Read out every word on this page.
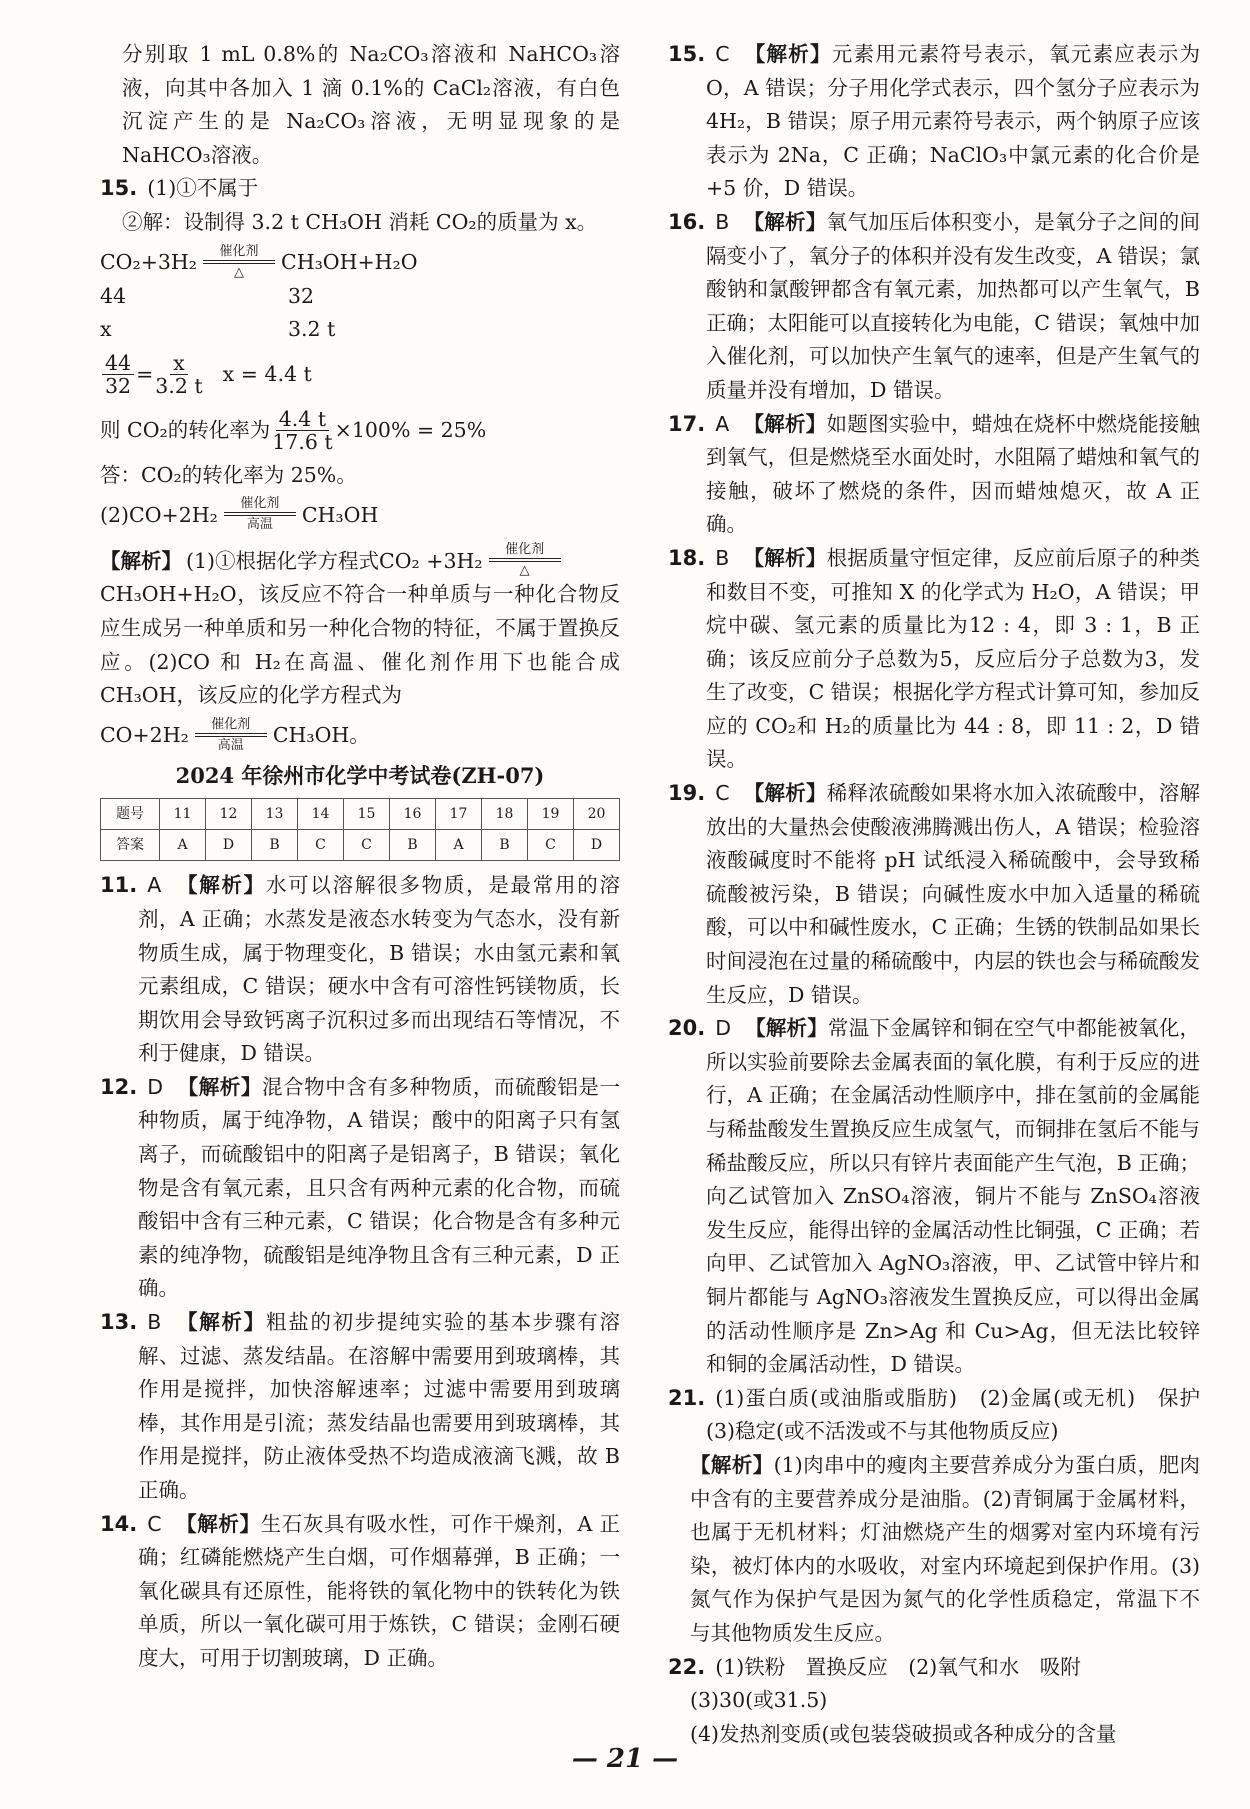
分别取 1 mL 0.8%的 Na₂CO₃溶液和 NaHCO₃溶液，向其中各加入 1 滴 0.1%的 CaCl₂溶液，有白色沉淀产生的是 Na₂CO₃溶液，无明显现象的是 NaHCO₃溶液。

15. (1)①不属于

②解：设制得 3.2 t CH₃OH 消耗 CO₂的质量为 x。

CO₂+3H₂ 催化剂
△ CH₃OH+H₂O
44	32
x	3.2 t
$\frac{44}{32} = \frac{x}{3.2 t}$ x = 4.4 t
则 CO₂的转化率为 $\frac{4.4 t}{17.6 t} \times 100\% = 25\%$

答：CO₂的转化率为 25%。

(2)CO+2H₂ 催化剂
高温 CH₃OH
【解析】 (1)①根据化学方程式CO₂ +3H₂ 催化剂
△

CH₃OH+H₂O，该反应不符合一种单质与一种化合物反应生成另一种单质和另一种化合物的特征，不属于置换反应。(2)CO 和 H₂在高温、催化剂作用下也能合成 CH₃OH，该反应的化学方程式为

CO+2H₂ 催化剂
高温 CH₃OH。
2024 年徐州市化学中考试卷(ZH-07)
题号	11	12	13	14	15	16	17	18	19	20
答案	A	D	B	C	C	B	A	B	C	D

11. A 【解析】水可以溶解很多物质，是最常用的溶剂，A 正确；水蒸发是液态水转变为气态水，没有新物质生成，属于物理变化，B 错误；水由氢元素和氧元素组成，C 错误；硬水中含有可溶性钙镁物质，长期饮用会导致钙离子沉积过多而出现结石等情况，不利于健康，D 错误。

12. D 【解析】混合物中含有多种物质，而硫酸铝是一种物质，属于纯净物，A 错误；酸中的阳离子只有氢离子，而硫酸铝中的阳离子是铝离子，B 错误；氧化物是含有氧元素，且只含有两种元素的化合物，而硫酸铝中含有三种元素，C 错误；化合物是含有多种元素的纯净物，硫酸铝是纯净物且含有三种元素，D 正确。

13. B 【解析】粗盐的初步提纯实验的基本步骤有溶解、过滤、蒸发结晶。在溶解中需要用到玻璃棒，其作用是搅拌，加快溶解速率；过滤中需要用到玻璃棒，其作用是引流；蒸发结晶也需要用到玻璃棒，其作用是搅拌，防止液体受热不均造成液滴飞溅，故 B 正确。

14. C 【解析】生石灰具有吸水性，可作干燥剂，A 正确；红磷能燃烧产生白烟，可作烟幕弹，B 正确；一氧化碳具有还原性，能将铁的氧化物中的铁转化为铁单质，所以一氧化碳可用于炼铁，C 错误；金刚石硬度大，可用于切割玻璃，D 正确。

15. C 【解析】元素用元素符号表示，氧元素应表示为 O，A 错误；分子用化学式表示，四个氢分子应表示为 4H₂，B 错误；原子用元素符号表示，两个钠原子应该表示为 2Na，C 正确；NaClO₃中氯元素的化合价是+5 价，D 错误。

16. B 【解析】氧气加压后体积变小，是氧分子之间的间隔变小了，氧分子的体积并没有发生改变，A 错误；氯酸钠和氯酸钾都含有氧元素，加热都可以产生氧气，B 正确；太阳能可以直接转化为电能，C 错误；氧烛中加入催化剂，可以加快产生氧气的速率，但是产生氧气的质量并没有增加，D 错误。

17. A 【解析】如题图实验中，蜡烛在烧杯中燃烧能接触到氧气，但是燃烧至水面处时，水阻隔了蜡烛和氧气的接触，破坏了燃烧的条件，因而蜡烛熄灭，故 A 正确。

18. B 【解析】根据质量守恒定律，反应前后原子的种类和数目不变，可推知 X 的化学式为 H₂O，A 错误；甲烷中碳、氢元素的质量比为12 : 4，即 3 : 1，B 正确；该反应前分子总数为5，反应后分子总数为3，发生了改变，C 错误；根据化学方程式计算可知，参加反应的 CO₂和 H₂的质量比为 44 : 8，即 11 : 2，D 错误。

19. C 【解析】稀释浓硫酸如果将水加入浓硫酸中，溶解放出的大量热会使酸液沸腾溅出伤人，A 错误；检验溶液酸碱度时不能将 pH 试纸浸入稀硫酸中，会导致稀硫酸被污染，B 错误；向碱性废水中加入适量的稀硫酸，可以中和碱性废水，C 正确；生锈的铁制品如果长时间浸泡在过量的稀硫酸中，内层的铁也会与稀硫酸发生反应，D 错误。

20. D 【解析】常温下金属锌和铜在空气中都能被氧化，所以实验前要除去金属表面的氧化膜，有利于反应的进行，A 正确；在金属活动性顺序中，排在氢前的金属能与稀盐酸发生置换反应生成氢气，而铜排在氢后不能与稀盐酸反应，所以只有锌片表面能产生气泡，B 正确；向乙试管加入 ZnSO₄溶液，铜片不能与 ZnSO₄溶液发生反应，能得出锌的金属活动性比铜强，C 正确；若向甲、乙试管加入 AgNO₃溶液，甲、乙试管中锌片和铜片都能与 AgNO₃溶液发生置换反应，可以得出金属的活动性顺序是 Zn>Ag 和 Cu>Ag，但无法比较锌和铜的金属活动性，D 错误。

21. (1)蛋白质(或油脂或脂肪)　(2)金属(或无机)　保护　(3)稳定(或不活泼或不与其他物质反应)

【解析】(1)肉串中的瘦肉主要营养成分为蛋白质，肥肉中含有的主要营养成分是油脂。(2)青铜属于金属材料，也属于无机材料；灯油燃烧产生的烟雾对室内环境有污染，被灯体内的水吸收，对室内环境起到保护作用。(3)氮气作为保护气是因为氮气的化学性质稳定，常温下不与其他物质发生反应。

22. (1)铁粉　置换反应　(2)氧气和水　吸附

(3)30(或31.5)

(4)发热剂变质(或包装袋破损或各种成分的含量

— 21 —
